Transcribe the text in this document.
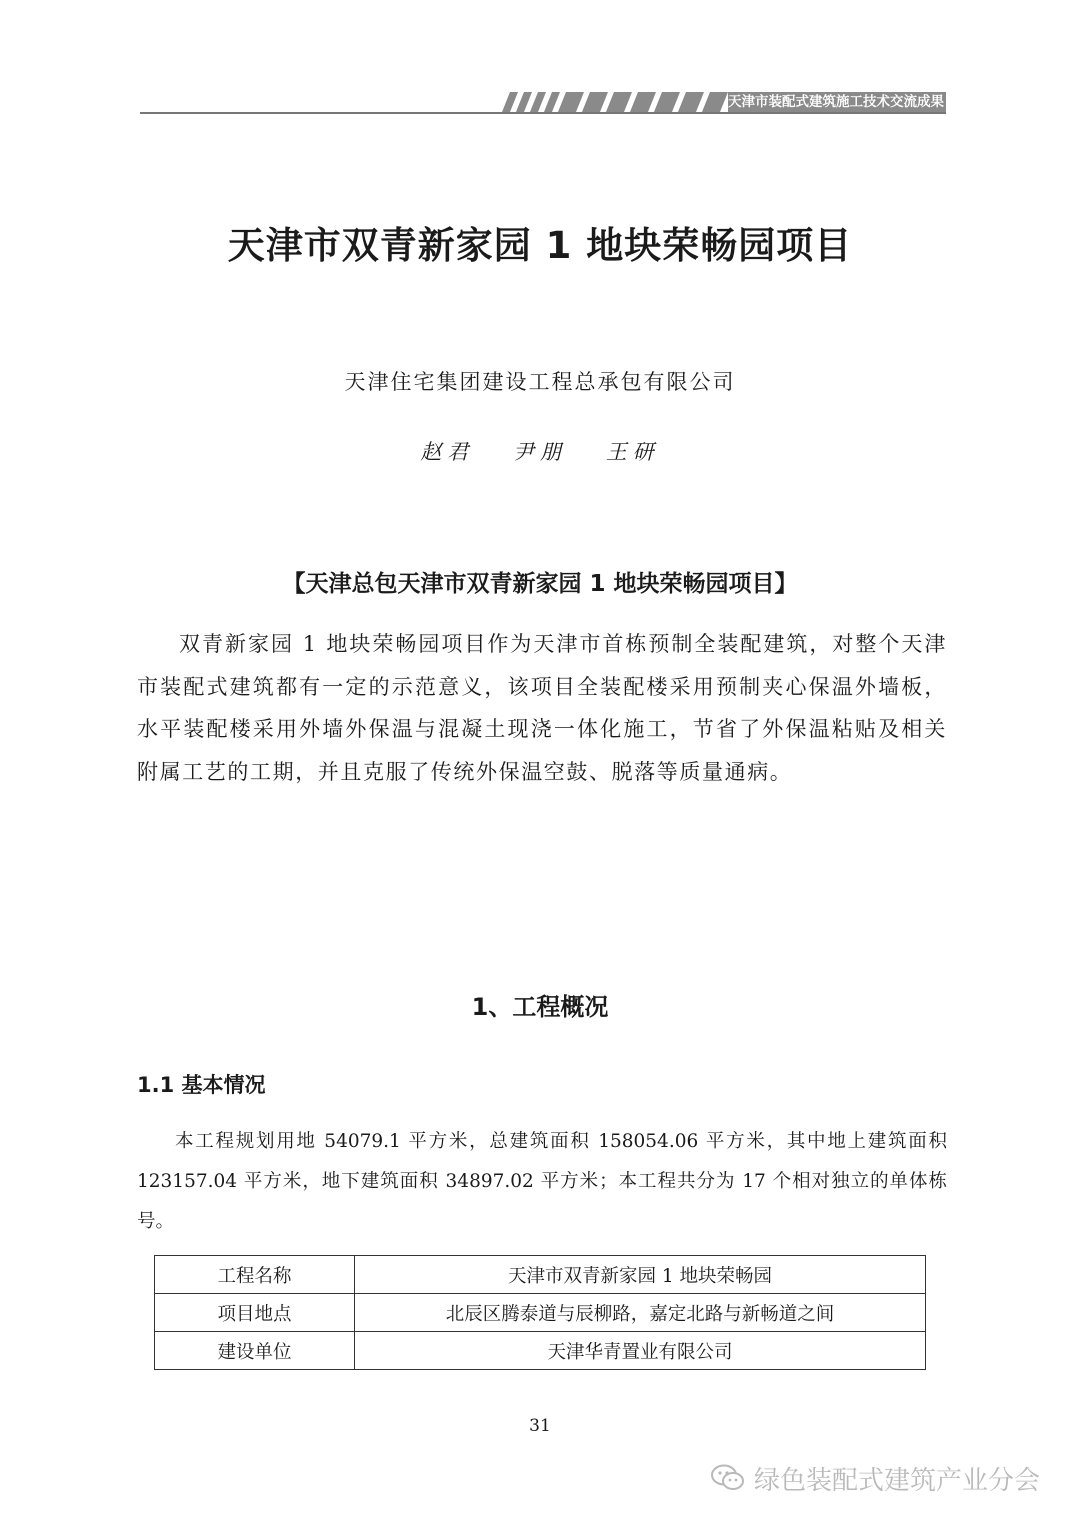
天津市装配式建筑施工技术交流成果（2019版）
天津市双青新家园 1 地块荣畅园项目
天津住宅集团建设工程总承包有限公司
赵君 尹朋 王研
【天津总包天津市双青新家园 1 地块荣畅园项目】

双青新家园 1 地块荣畅园项目作为天津市首栋预制全装配建筑，对整个天津市装配式建筑都有一定的示范意义，该项目全装配楼采用预制夹心保温外墙板，水平装配楼采用外墙外保温与混凝土现浇一体化施工，节省了外保温粘贴及相关附属工艺的工期，并且克服了传统外保温空鼓、脱落等质量通病。

1、工程概况
1.1 基本情况

本工程规划用地 54079.1 平方米，总建筑面积 158054.06 平方米，其中地上建筑面积 123157.04 平方米，地下建筑面积 34897.02 平方米；本工程共分为 17 个相对独立的单体栋号。

工程名称	天津市双青新家园 1 地块荣畅园
项目地点	北辰区腾泰道与辰柳路，嘉定北路与新畅道之间
建设单位	天津华青置业有限公司
31
绿色装配式建筑产业分会
